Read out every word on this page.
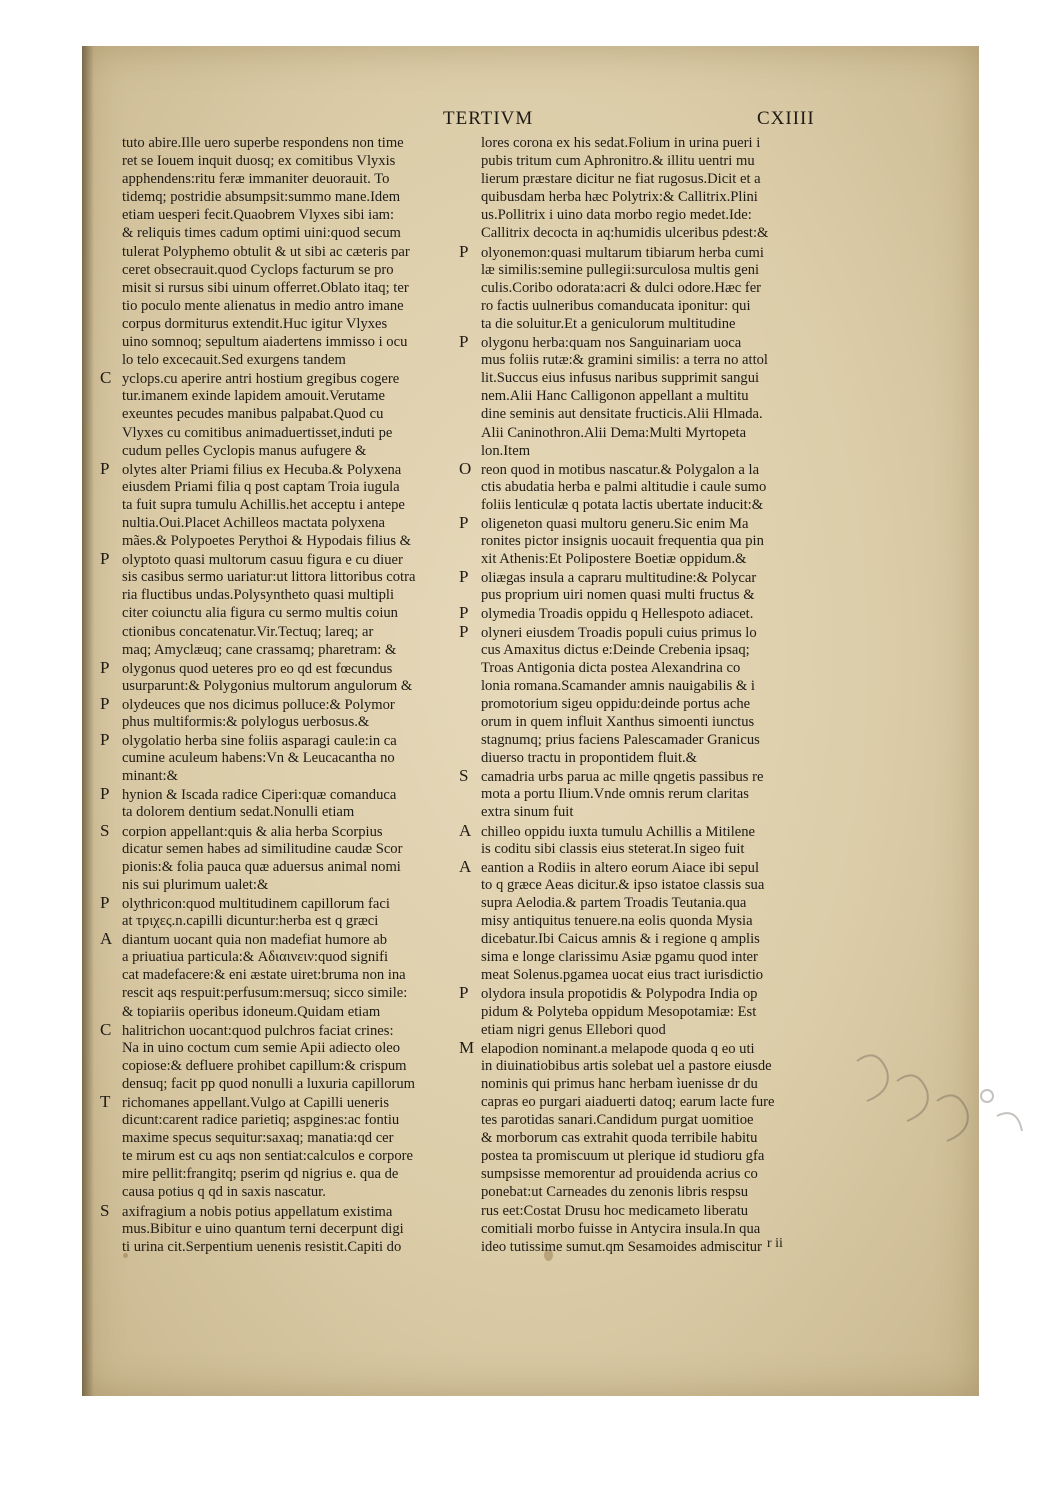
TERTIVM	CXIIII
tuto abire.Ille uero superbe respondens non time
ret se Iouem inquit duosq; ex comitibus Vlyxis
apphendens:ritu feræ immaniter deuorauit. To
tidemq; postridie absumpsit:summo mane.Idem
etiam uesperi fecit.Quaobrem Vlyxes sibi iam:
& reliquis times cadum optimi uini:quod secum
tulerat Polyphemo obtulit & ut sibi ac cæteris par
ceret obsecrauit.quod Cyclops facturum se pro
misit si rursus sibi uinum offerret.Oblato itaq; ter
tio poculo mente alienatus in medio antro imane
corpus dormiturus extendit.Huc igitur Vlyxes
uino somnoq; sepultum aiadertens immisso i ocu
lo telo excecauit.Sed exurgens tandem
C yclops.cu aperire antri hostium gregibus cogere
tur.imanem exinde lapidem amouit.Verutame
exeuntes pecudes manibus palpabat.Quod cu
Vlyxes cu comitibus animaduertisset,induti pe
cudum pelles Cyclopis manus aufugere &
P olytes alter Priami filius ex Hecuba.& Polyxena
eiusdem Priami filia q post captam Troia iugula
ta fuit supra tumulu Achillis.het acceptu i antepe
nultia.Oui.Placet Achilleos mactata polyxena
mães.& Polypoetes Perythoi & Hypodais filius &
P olyptoto quasi multorum casuu figura e cu diuer
sis casibus sermo uariatur:ut littora littoribus cotra
ria fluctibus undas.Polysyntheto quasi multipli
citer coiunctu alia figura cu sermo multis coiun
ctionibus concatenatur.Vir.Tectuq; lareq; ar
maq; Amyclæuq; cane crassamq; pharetram: &
P olygonus quod ueteres pro eo qd est fœcundus
usurparunt:& Polygonius multorum angulorum &
P olydeuces que nos dicimus polluce:& Polymor
phus multiformis:& polylogus uerbosus.&
P olygolatio herba sine foliis asparagi caule:in ca
cumine aculeum habens:Vn & Leucacantha no
minant:&
P hynion & Iscada radice Ciperi:quæ comanduca
ta dolorem dentium sedat.Nonulli etiam
S corpion appellant:quis & alia herba Scorpius
dicatur semen habes ad similitudine caudæ Scor
pionis:& folia pauca quæ aduersus animal nomi
nis sui plurimum ualet:&
P olythricon:quod multitudinem capillorum faci
at τριχες.n.capilli dicuntur:herba est q græci
A diantum uocant quia non madefiat humore ab
a priuatiua particula:& Αδιαινειν:quod signifi
cat madefacere:& eni æstate uiret:bruma non ina
rescit aqs respuit:perfusum:mersuq; sicco simile:
& topiariis operibus idoneum.Quidam etiam
C halitrichon uocant:quod pulchros faciat crines:
Na in uino coctum cum semie Apii adiecto oleo
copiose:& defluere prohibet capillum:& crispum
densuq; facit pp quod nonulli a luxuria capillorum
T richomanes appellant.Vulgo at Capilli ueneris
dicunt:carent radice parietiq; aspgines:ac fontiu
maxime specus sequitur:saxaq; manatia:qd cer
te mirum est cu aqs non sentiat:calculos e corpore
mire pellit:frangitq; pserim qd nigrius e. qua de
causa potius q qd in saxis nascatur.
S axifragium a nobis potius appellatum existima
mus.Bibitur e uino quantum terni decerpunt digi
ti urina cit.Serpentium uenenis resistit.Capiti do
lores corona ex his sedat.Folium in urina pueri i
pubis tritum cum Aphronitro.& illitu uentri mu
lierum præstare dicitur ne fiat rugosus.Dicit et a
quibusdam herba hæc Polytrix:& Callitrix.Plini
us.Pollitrix i uino data morbo regio medet.Ide:
Callitrix decocta in aq:humidis ulceribus pdest:&
P olyonemon:quasi multarum tibiarum herba cumi
læ similis:semine pullegii:surculosa multis geni
culis.Coribo odorata:acri & dulci odore.Hæc fer
ro factis uulneribus comanducata iponitur: qui
ta die soluitur.Et a geniculorum multitudine
P olygonu herba:quam nos Sanguinariam uoca
mus foliis rutæ:& gramini similis: a terra no attol
lit.Succus eius infusus naribus supprimit sangui
nem.Alii Hanc Calligonon appellant a multitu
dine seminis aut densitate fructicis.Alii Hlmada.
Alii Caninothron.Alii Dema:Multi Myrtopeta
lon.Item
O reon quod in motibus nascatur.& Polygalon a la
ctis abudatia herba e palmi altitudie i caule sumo
foliis lenticulæ q potata lactis ubertate inducit:&
P oligeneton quasi multoru generu.Sic enim Ma
ronites pictor insignis uocauit frequentia qua pin
xit Athenis:Et Polipostere Boetiæ oppidum.&
P oliægas insula a capraru multitudine:& Polycar
pus proprium uiri nomen quasi multi fructus &
P olymedia Troadis oppidu q Hellespoto adiacet.
P olyneri eiusdem Troadis populi cuius primus lo
cus Amaxitus dictus e:Deinde Crebenia ipsaq;
Troas Antigonia dicta postea Alexandrina co
lonia romana.Scamander amnis nauigabilis & i
promotorium sigeu oppidu:deinde portus ache
orum in quem influit Xanthus simoenti iunctus
stagnumq; prius faciens Palescamader Granicus
diuerso tractu in propontidem fluit.&
S camadria urbs parua ac mille qngetis passibus re
mota a portu Ilium.Vnde omnis rerum claritas
extra sinum fuit
A chilleo oppidu iuxta tumulu Achillis a Mitilene
is coditu sibi classis eius steterat.In sigeo fuit
A eantion a Rodiis in altero eorum Aiace ibi sepul
to q græce Aeas dicitur.& ipso istatoe classis sua
supra Aelodia.& partem Troadis Teutania.qua
misy antiquitus tenuere.na eolis quonda Mysia
dicebatur.Ibi Caicus amnis & i regione q amplis
sima e longe clarissimu Asiæ pgamu quod inter
meat Solenus.pgamea uocat eius tract iurisdictio
P olydora insula propotidis & Polypodra India op
pidum & Polyteba oppidum Mesopotamiæ: Est
etiam nigri genus Ellebori quod
M elapodion nominant.a melapode quoda q eo uti
in diuinatiobibus artis solebat uel a pastore eiusde
nominis qui primus hanc herbam ìuenisse dr du
capras eo purgari aiaduerti datoq; earum lacte fure
tes parotidas sanari.Candidum purgat uomitioe
& morborum cas extrahit quoda terribile habitu
postea ta promiscuum ut plerique id studioru gfa
sumpsisse memorentur ad prouidenda acrius co
ponebat:ut Carneades du zenonis libris respsu
rus eet:Costat Drusu hoc medicameto liberatu
comitiali morbo fuisse in Antycira insula.In qua
ideo tutissime sumut.qm Sesamoides admiscitur r ii
